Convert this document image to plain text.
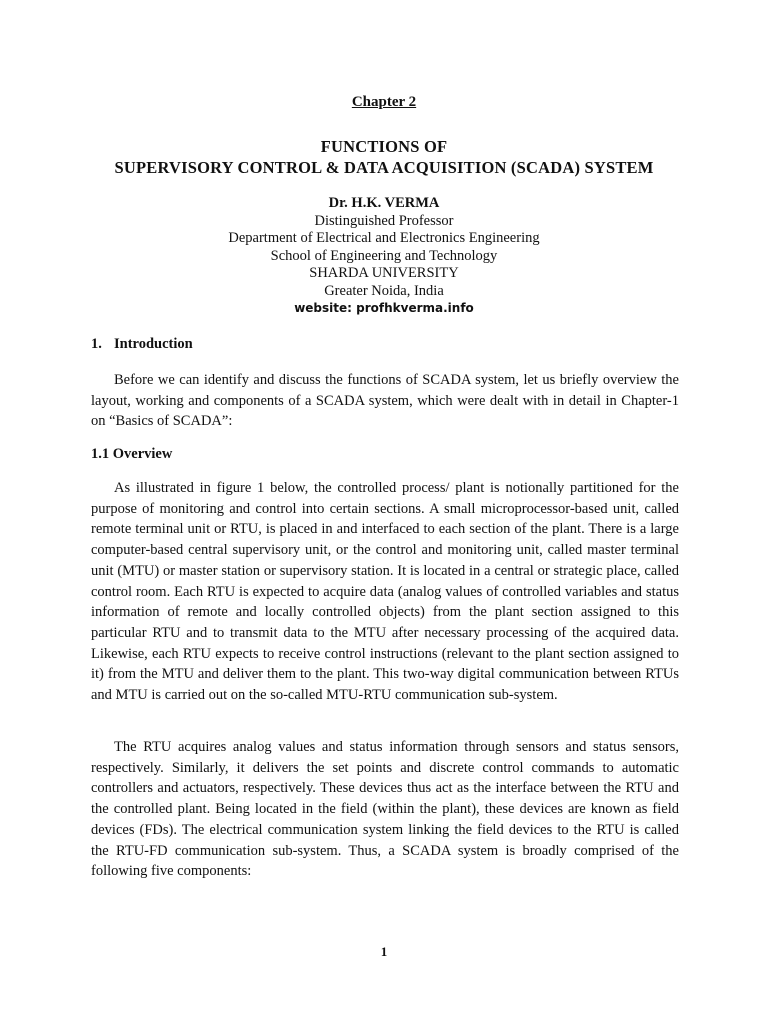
Chapter 2
FUNCTIONS OF
SUPERVISORY CONTROL & DATA ACQUISITION (SCADA) SYSTEM
Dr. H.K. VERMA
Distinguished Professor
Department of Electrical and Electronics Engineering
School of Engineering and Technology
SHARDA UNIVERSITY
Greater Noida, India
website: profhkverma.info
1. Introduction

Before we can identify and discuss the functions of SCADA system, let us briefly overview the layout, working and components of a SCADA system, which were dealt with in detail in Chapter-1 on “Basics of SCADA”:

1.1 Overview

As illustrated in figure 1 below, the controlled process/ plant is notionally partitioned for the purpose of monitoring and control into certain sections. A small microprocessor-based unit, called remote terminal unit or RTU, is placed in and interfaced to each section of the plant. There is a large computer-based central supervisory unit, or the control and monitoring unit, called master terminal unit (MTU) or master station or supervisory station. It is located in a central or strategic place, called control room. Each RTU is expected to acquire data (analog values of controlled variables and status information of remote and locally controlled objects) from the plant section assigned to this particular RTU and to transmit data to the MTU after necessary processing of the acquired data. Likewise, each RTU expects to receive control instructions (relevant to the plant section assigned to it) from the MTU and deliver them to the plant. This two-way digital communication between RTUs and MTU is carried out on the so-called MTU-RTU communication sub-system.

The RTU acquires analog values and status information through sensors and status sensors, respectively. Similarly, it delivers the set points and discrete control commands to automatic controllers and actuators, respectively. These devices thus act as the interface between the RTU and the controlled plant. Being located in the field (within the plant), these devices are known as field devices (FDs). The electrical communication system linking the field devices to the RTU is called the RTU-FD communication sub-system. Thus, a SCADA system is broadly comprised of the following five components:

1
